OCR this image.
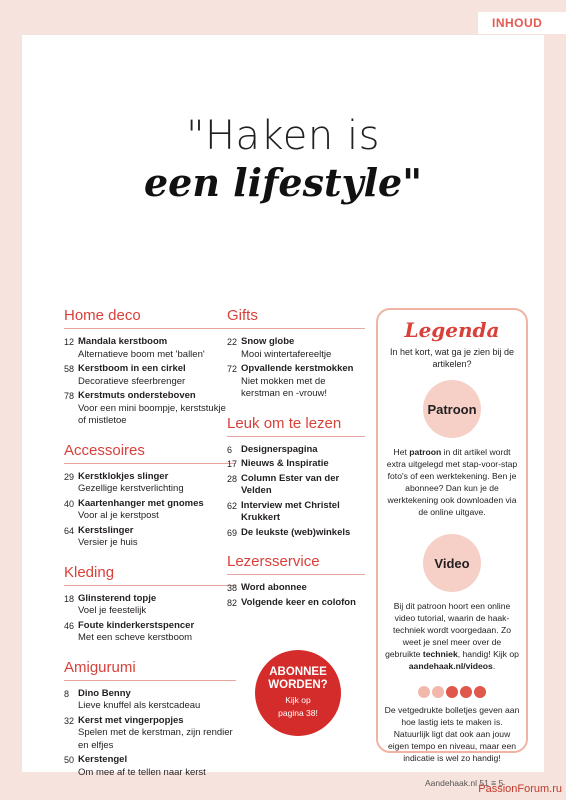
INHOUD
"Haken is
een lifestyle"
Home deco
12 Mandala kerstboom
Alternatieve boom met 'ballen'
58 Kerstboom in een cirkel
Decoratieve sfeerbrenger
78 Kerstmuts ondersteboven
Voor een mini boompje, kerststukje of mistletoe
Accessoires
29 Kerstklokjes slinger
Gezellige kerstverlichting
40 Kaartenhanger met gnomes
Voor al je kerstpost
64 Kerstslinger
Versier je huis
Kleding
18 Glinsterend topje
Voel je feestelijk
46 Foute kinderkerstspencer
Met een scheve kerstboom
Amigurumi
8 Dino Benny
Lieve knuffel als kerstcadeau
32 Kerst met vingerpopjes
Spelen met de kerstman, zijn rendier en elfjes
50 Kerstengel
Om mee af te tellen naar kerst
Gifts
22 Snow globe
Mooi wintertafereeltje
72 Opvallende kerstmokken
Niet mokken met de kerstman en -vrouw!
Leuk om te lezen
6 Designerspagina
17 Nieuws & Inspiratie
28 Column Ester van der Velden
62 Interview met Christel Krukkert
69 De leukste (web)winkels
Lezersservice
38 Word abonnee
82 Volgende keer en colofon
Legenda
In het kort, wat ga je zien bij de artikelen?
Patroon
Het patroon in dit artikel wordt extra uitgelegd met stap-voor-stap foto's of een werktekening. Ben je abonnee? Dan kun je de werktekening ook downloaden via de online uitgave.
Video
Bij dit patroon hoort een online video tutorial, waarin de haak-techniek wordt voorgedaan. Zo weet je snel meer over de gebruikte techniek, handig! Kijk op aandehaak.nl/videos.
De vetgedrukte bolletjes geven aan hoe lastig iets te maken is. Natuurlijk ligt dat ook aan jouw eigen tempo en niveau, maar een indicatie is wel zo handig!
ABONNEE
WORDEN?
Kijk op
pagina 38!
Aandehaak.nl 51 ≡ 5
PassionForum.ru
